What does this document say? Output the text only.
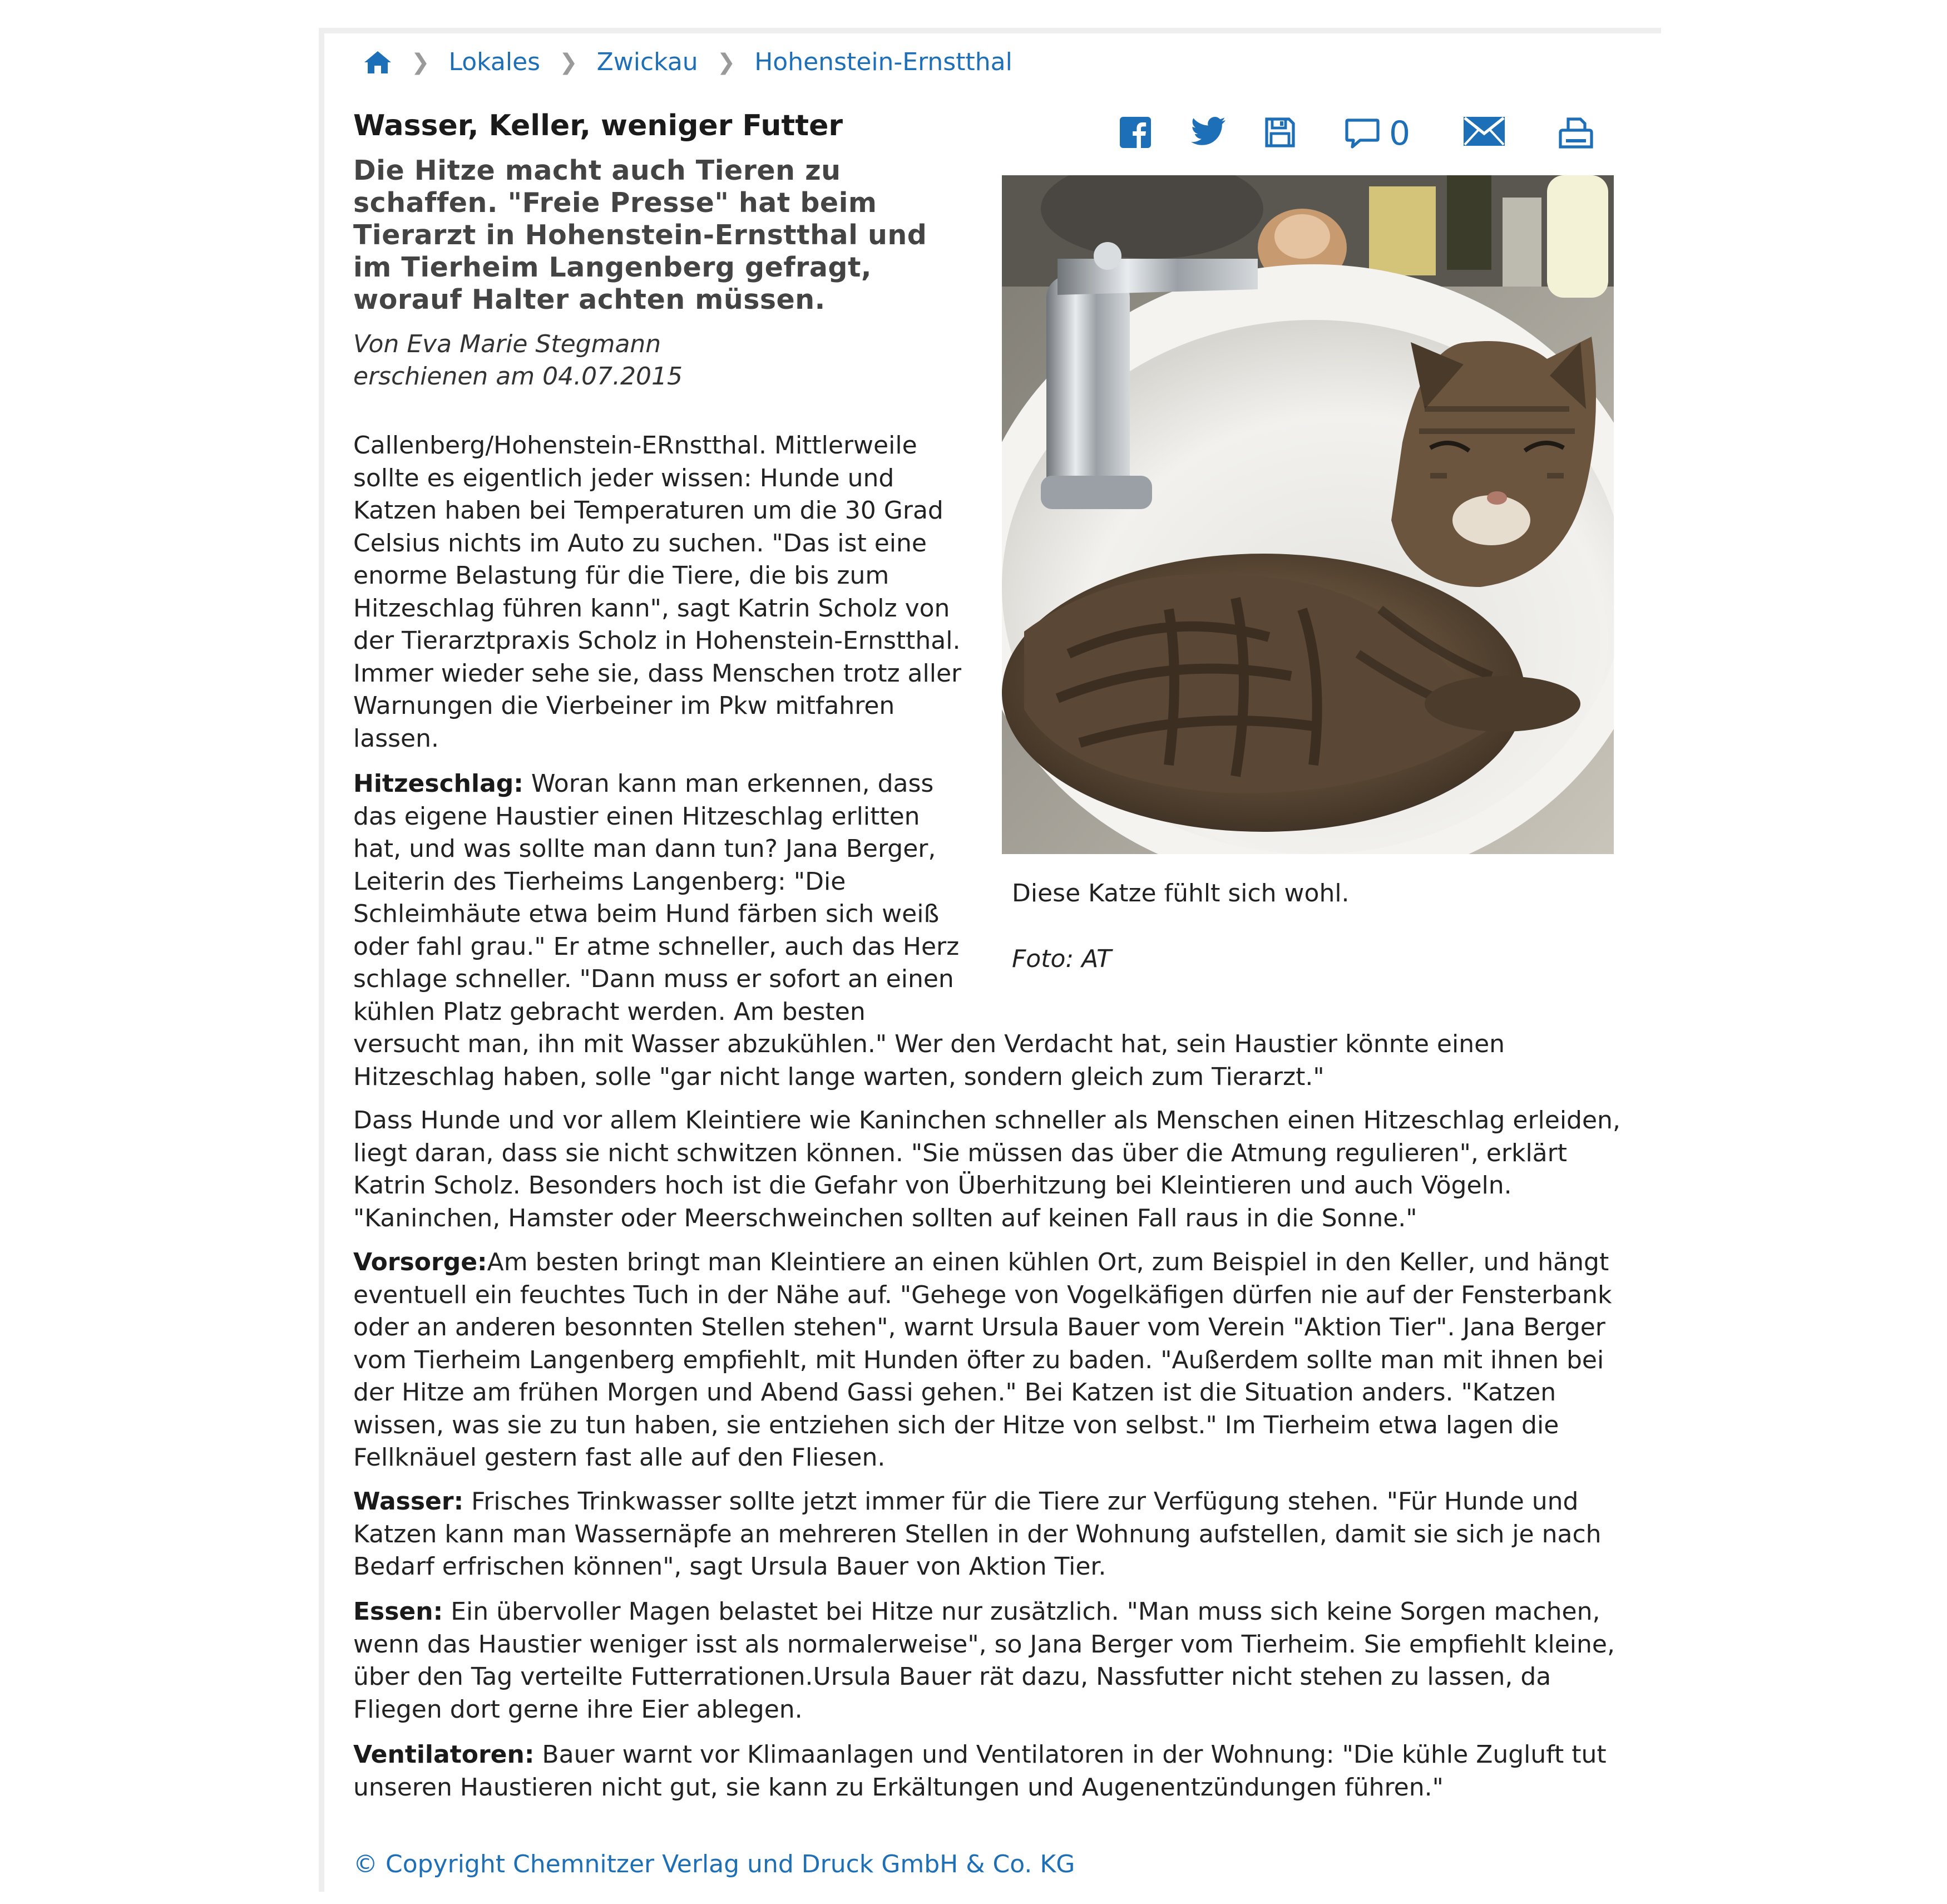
❯ Lokales ❯ Zwickau ❯ Hohenstein-Ernstthal
Wasser, Keller, weniger Futter	0
Die Hitze macht auch Tieren zu schaffen. "Freie Presse" hat beim Tierarzt in Hohenstein-Ernstthal und im Tierheim Langenberg gefragt, worauf Halter achten müssen.
Von Eva Marie Stegmann
erschienen am 04.07.2015
Diese Katze fühlt sich wohl.
Foto: AT

Callenberg/Hohenstein-ERnstthal. Mittlerweile sollte es eigentlich jeder wissen: Hunde und Katzen haben bei Temperaturen um die 30 Grad Celsius nichts im Auto zu suchen. "Das ist eine enorme Belastung für die Tiere, die bis zum Hitzeschlag führen kann", sagt Katrin Scholz von der Tierarztpraxis Scholz in Hohenstein-Ernstthal. Immer wieder sehe sie, dass Menschen trotz aller Warnungen die Vierbeiner im Pkw mitfahren lassen.

Hitzeschlag: Woran kann man erkennen, dass das eigene Haustier einen Hitzeschlag erlitten hat, und was sollte man dann tun? Jana Berger, Leiterin des Tierheims Langenberg: "Die Schleimhäute etwa beim Hund färben sich weiß oder fahl grau." Er atme schneller, auch das Herz schlage schneller. "Dann muss er sofort an einen kühlen Platz gebracht werden. Am besten

versucht man, ihn mit Wasser abzukühlen." Wer den Verdacht hat, sein Haustier könnte einen Hitzeschlag haben, solle "gar nicht lange warten, sondern gleich zum Tierarzt."

Dass Hunde und vor allem Kleintiere wie Kaninchen schneller als Menschen einen Hitzeschlag erleiden, liegt daran, dass sie nicht schwitzen können. "Sie müssen das über die Atmung regulieren", erklärt Katrin Scholz. Besonders hoch ist die Gefahr von Überhitzung bei Kleintieren und auch Vögeln. "Kaninchen, Hamster oder Meerschweinchen sollten auf keinen Fall raus in die Sonne."

Vorsorge:Am besten bringt man Kleintiere an einen kühlen Ort, zum Beispiel in den Keller, und hängt eventuell ein feuchtes Tuch in der Nähe auf. "Gehege von Vogelkäfigen dürfen nie auf der Fensterbank oder an anderen besonnten Stellen stehen", warnt Ursula Bauer vom Verein "Aktion Tier". Jana Berger vom Tierheim Langenberg empfiehlt, mit Hunden öfter zu baden. "Außerdem sollte man mit ihnen bei der Hitze am frühen Morgen und Abend Gassi gehen." Bei Katzen ist die Situation anders. "Katzen wissen, was sie zu tun haben, sie entziehen sich der Hitze von selbst." Im Tierheim etwa lagen die Fellknäuel gestern fast alle auf den Fliesen.

Wasser: Frisches Trinkwasser sollte jetzt immer für die Tiere zur Verfügung stehen. "Für Hunde und Katzen kann man Wassernäpfe an mehreren Stellen in der Wohnung aufstellen, damit sie sich je nach Bedarf erfrischen können", sagt Ursula Bauer von Aktion Tier.

Essen: Ein übervoller Magen belastet bei Hitze nur zusätzlich. "Man muss sich keine Sorgen machen, wenn das Haustier weniger isst als normalerweise", so Jana Berger vom Tierheim. Sie empfiehlt kleine, über den Tag verteilte Futterrationen.Ursula Bauer rät dazu, Nassfutter nicht stehen zu lassen, da Fliegen dort gerne ihre Eier ablegen.

Ventilatoren: Bauer warnt vor Klimaanlagen und Ventilatoren in der Wohnung: "Die kühle Zugluft tut unseren Haustieren nicht gut, sie kann zu Erkältungen und Augenentzündungen führen."

© Copyright Chemnitzer Verlag und Druck GmbH & Co. KG
